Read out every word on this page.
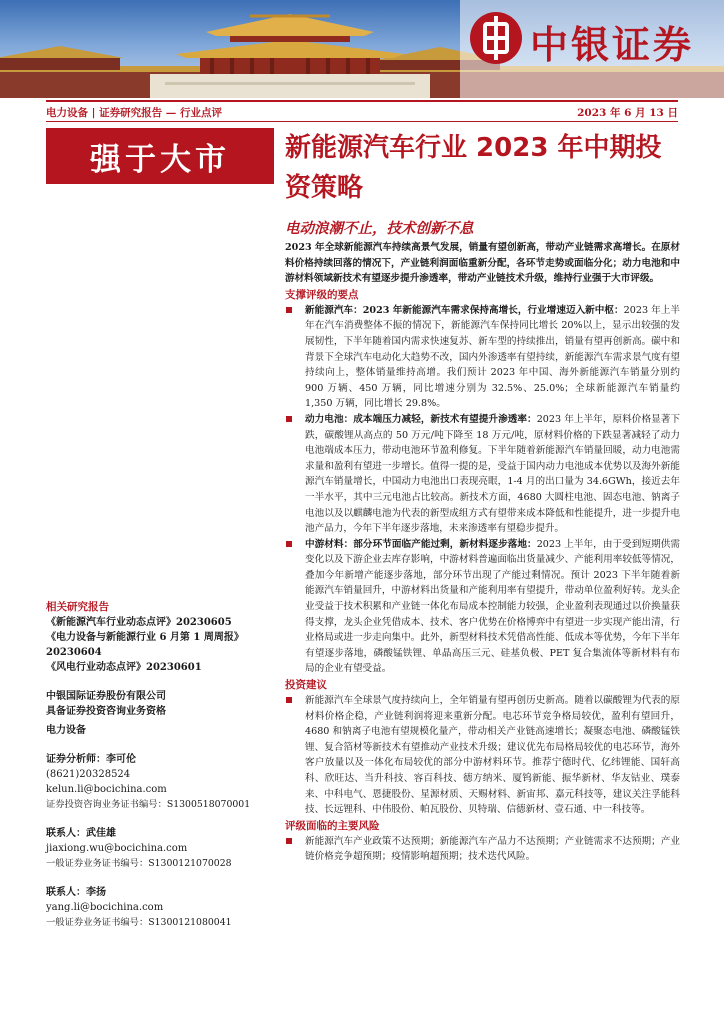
中银证券
电力设备 | 证券研究报告 — 行业点评	2023 年 6 月 13 日
强于大市	新能源汽车行业 2023 年中期投资策略
电动浪潮不止，技术创新不息
2023 年全球新能源汽车持续高景气发展，销量有望创新高，带动产业链需求高增长。在原材料价格持续回落的情况下，产业链利润面临重新分配，各环节走势或面临分化；动力电池和中游材料领域新技术有望逐步提升渗透率，带动产业链技术升级，维持行业强于大市评级。
支撑评级的要点
新能源汽车：2023 年新能源汽车需求保持高增长，行业增速迈入新中枢：2023 年上半年在汽车消费整体不振的情况下，新能源汽车保持同比增长 20%以上，显示出较强的发展韧性，下半年随着国内需求快速复苏、新车型的持续推出，销量有望再创新高。碳中和背景下全球汽车电动化大趋势不改，国内外渗透率有望持续，新能源汽车需求景气度有望持续向上，整体销量维持高增。我们预计 2023 年中国、海外新能源汽车销量分别约 900 万辆、450 万辆，同比增速分别为 32.5%、25.0%；全球新能源汽车销量约 1,350 万辆，同比增长 29.8%。
动力电池：成本端压力减轻，新技术有望提升渗透率：2023 年上半年，原料价格显著下跌，碳酸锂从高点的 50 万元/吨下降至 18 万元/吨，原材料价格的下跌显著减轻了动力电池端成本压力，带动电池环节盈利修复。下半年随着新能源汽车销量回暖，动力电池需求量和盈利有望进一步增长。值得一提的是，受益于国内动力电池成本优势以及海外新能源汽车销量增长，中国动力电池出口表现亮眼，1-4 月的出口量为 34.6GWh，接近去年一半水平，其中三元电池占比较高。新技术方面，4680 大圆柱电池、固态电池、钠离子电池以及以麒麟电池为代表的新型成组方式有望带来成本降低和性能提升，进一步提升电池产品力，今年下半年逐步落地，未来渗透率有望稳步提升。
中游材料：部分环节面临产能过剩，新材料逐步落地：2023 上半年，由于受到短期供需变化以及下游企业去库存影响，中游材料普遍面临出货量减少、产能利用率较低等情况，叠加今年新增产能逐步落地，部分环节出现了产能过剩情况。预计 2023 下半年随着新能源汽车销量回升，中游材料出货量和产能利用率有望提升，带动单位盈利好转。龙头企业受益于技术积累和产业链一体化布局成本控制能力较强，企业盈利表现通过以价换量获得支撑，龙头企业凭借成本、技术、客户优势在价格博弈中有望进一步实现产能出清，行业格局或进一步走向集中。此外，新型材料技术凭借高性能、低成本等优势，今年下半年有望逐步落地，磷酸锰铁锂、单晶高压三元、硅基负极、PET 复合集流体等新材料有布局的企业有望受益。
投资建议
新能源汽车全球景气度持续向上，全年销量有望再创历史新高。随着以碳酸锂为代表的原材料价格企稳，产业链利润将迎来重新分配。电芯环节竞争格局较优，盈利有望回升，4680 和钠离子电池有望规模化量产，带动相关产业链高速增长；凝聚态电池、磷酸锰铁锂、复合箔材等新技术有望推动产业技术升级；建议优先布局格局较优的电芯环节，海外客户放量以及一体化布局较优的部分中游材料环节。推荐宁德时代、亿纬锂能、国轩高科、欣旺达、当升科技、容百科技、德方纳米、厦钨新能、振华新材、华友钴业、璞泰来、中科电气、恩捷股份、星源材质、天赐材料、新宙邦、嘉元科技等，建议关注孚能科技、长远锂科、中伟股份、帕瓦股份、贝特瑞、信德新材、壹石通、中一科技等。
评级面临的主要风险
新能源汽车产业政策不达预期；新能源汽车产品力不达预期；产业链需求不达预期；产业链价格竞争超预期；疫情影响超预期；技术迭代风险。
相关研究报告
《新能源汽车行业动态点评》20230605
《电力设备与新能源行业 6 月第 1 周周报》20230604
《风电行业动态点评》20230601
中银国际证券股份有限公司
具备证券投资咨询业务资格
电力设备
证券分析师：李可伦
(8621)20328524
kelun.li@bocichina.com
证券投资咨询业务证书编号：S1300518070001
联系人：武佳雄
jiaxiong.wu@bocichina.com
一般证券业务证书编号：S1300121070028
联系人：李扬
yang.li@bocichina.com
一般证券业务证书编号：S1300121080041
